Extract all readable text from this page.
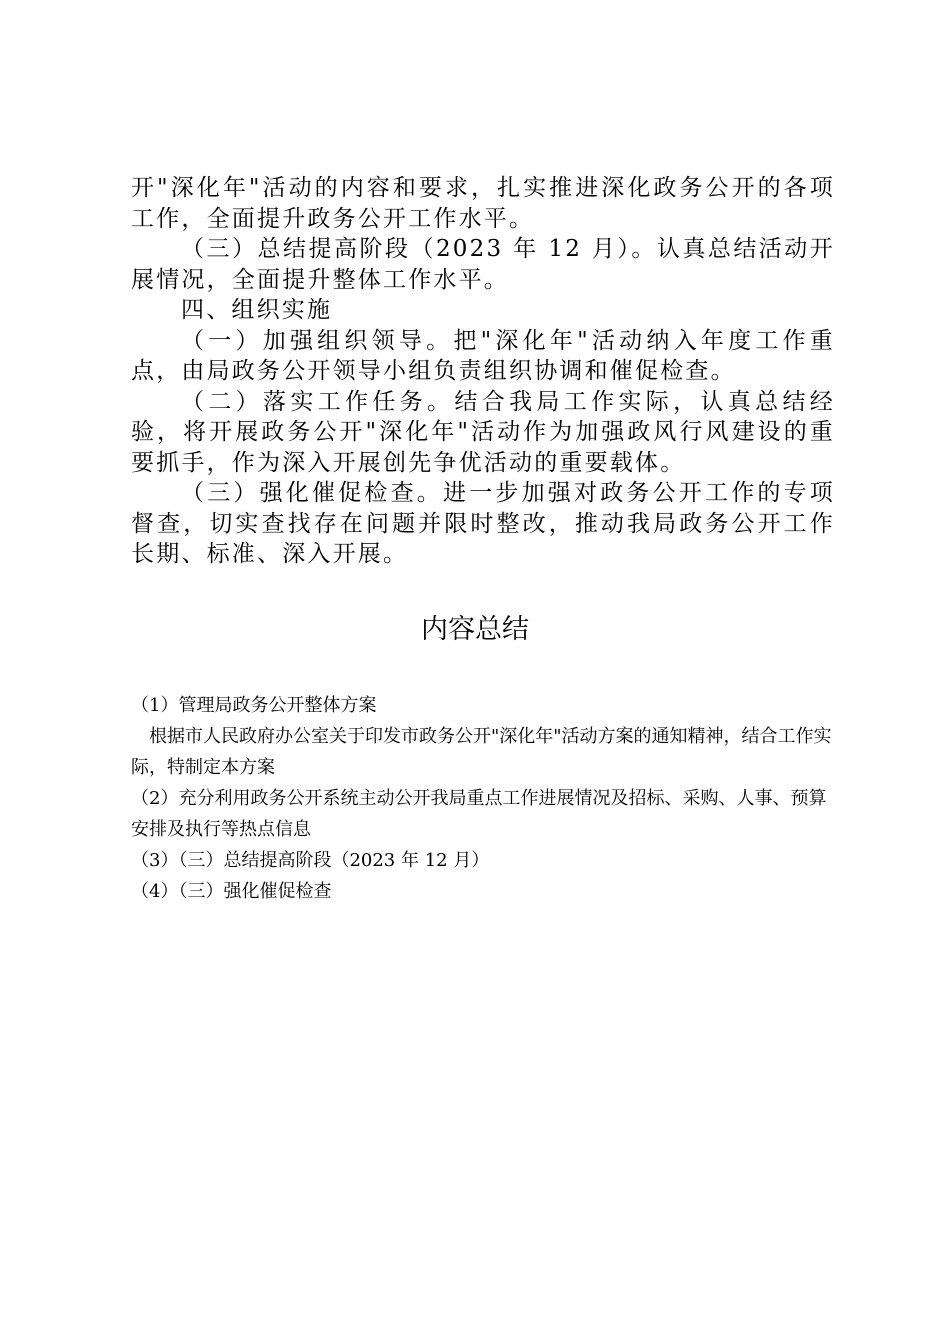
开"深化年"活动的内容和要求，扎实推进深化政务公开的各项工作，全面提升政务公开工作水平。

（三）总结提高阶段（2023 年 12 月）。认真总结活动开展情况，全面提升整体工作水平。

四、组织实施

（一）加强组织领导。把"深化年"活动纳入年度工作重点，由局政务公开领导小组负责组织协调和催促检查。

（二）落实工作任务。结合我局工作实际，认真总结经验，将开展政务公开"深化年"活动作为加强政风行风建设的重要抓手，作为深入开展创先争优活动的重要载体。

（三）强化催促检查。进一步加强对政务公开工作的专项督查，切实查找存在问题并限时整改，推动我局政务公开工作长期、标准、深入开展。

内容总结

（1）管理局政务公开整体方案

根据市人民政府办公室关于印发市政务公开"深化年"活动方案的通知精神，结合工作实际，特制定本方案

（2）充分利用政务公开系统主动公开我局重点工作进展情况及招标、采购、人事、预算安排及执行等热点信息

（3）（三）总结提高阶段（2023 年 12 月）

（4）（三）强化催促检查
